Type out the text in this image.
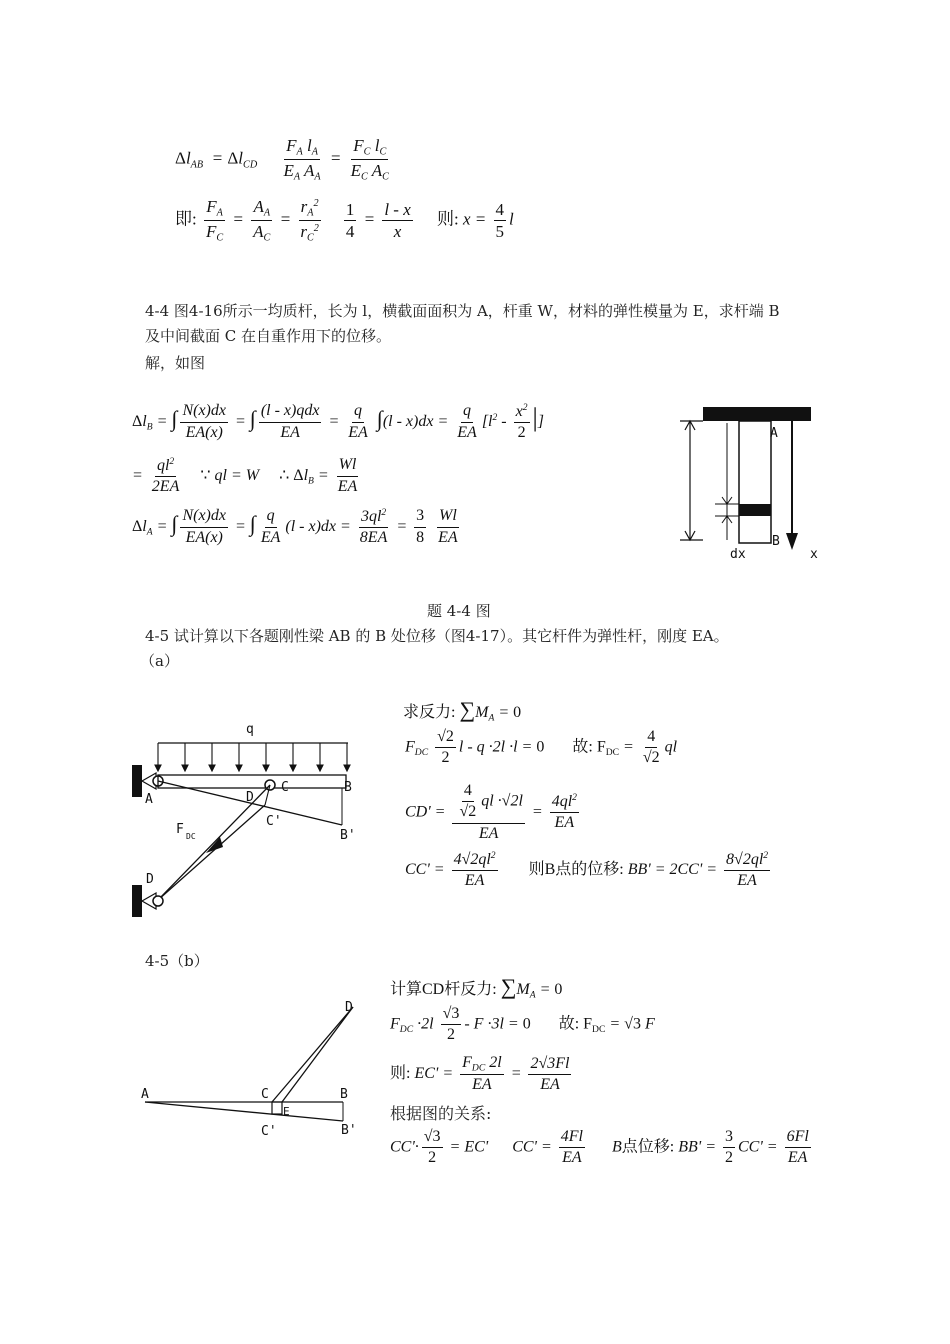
$\Delta l_{AB} = \Delta l_{CD} \frac{F_A l_A}{E_A A_A} = \frac{F_C l_C}{E_C A_C}$
即: $\frac{F_A}{F_C} = \frac{A_A}{A_C} = \frac{r_A^2}{r_C^2}$
$\frac{1}{4} = \frac{l - x}{x}$ 则: $x = \frac{4}{5}$ l
4-4 图4-16所示一均质杆，长为 l，横截面面积为 A，杆重 W，材料的弹性模量为 E，求杆端 B
及中间截面 C 在自重作用下的位移。
解，如图
$\Delta l_B$ = ∫ $\frac{N(x)dx}{EA(x)}$ = ∫ $\frac{\text{(l - x)qdx}}{EA} = \frac{q}{EA} \int(l - x)dx = \frac{q}{EA} [l^2 - \frac{x^2}{2}$ |]
= $\frac{ql^2}{2EA}$ ∵ ql = W     ∴ $\Delta l_B = \frac{Wl}{EA}$
$\Delta l_A$ = ∫ $\frac{N(x)dx}{EA(x)}$ = ∫ $\frac{q}{EA} (l - x)dx = \frac{3ql^2}{8EA} = \frac{3}{8}$
$\frac{Wl}{EA}$
A
B
dx	x
题 4-4 图
4-5 试计算以下各题刚性梁 AB 的 B 处位移（图4-17）。其它杆件为弹性杆，刚度 EA。
（a）
q
A
B
B'
C
C'
D
D
F DC
求反力: $\sum M_A = 0$
$F_{DC} \frac{√2}{2}$ l - q ·2l ·l = 0 故: $F_{DC} = \frac{4}{√2}$ ql
$CD' = \frac{\frac{4}{√2} ql \cdot√2l}{EA} = \frac{4ql^2}{EA}$
$CC' = \frac{4√2ql^2}{EA}$ 则B点的位移: $BB' = 2CC' = \frac{8√2ql^2}{EA}$
4-5（b）
A	C
C'
E
B
B'
D
计算CD杆反力: $\sum M_A = 0$
$F_{DC} \cdot 2l \frac{√3}{2} - F \cdot 3l = 0$ 故: $F_{DC} = √3$ F
则: $EC' = \frac{F_{DC} 2l}{EA} = \frac{2√3Fl}{EA}$
根据图的关系:
$CC'\cdot \frac{√3}{2} = EC'$      $CC' = \frac{4Fl}{EA}$ B点位移: $BB' = \frac{3}{2} CC' = \frac{6Fl}{EA}$
